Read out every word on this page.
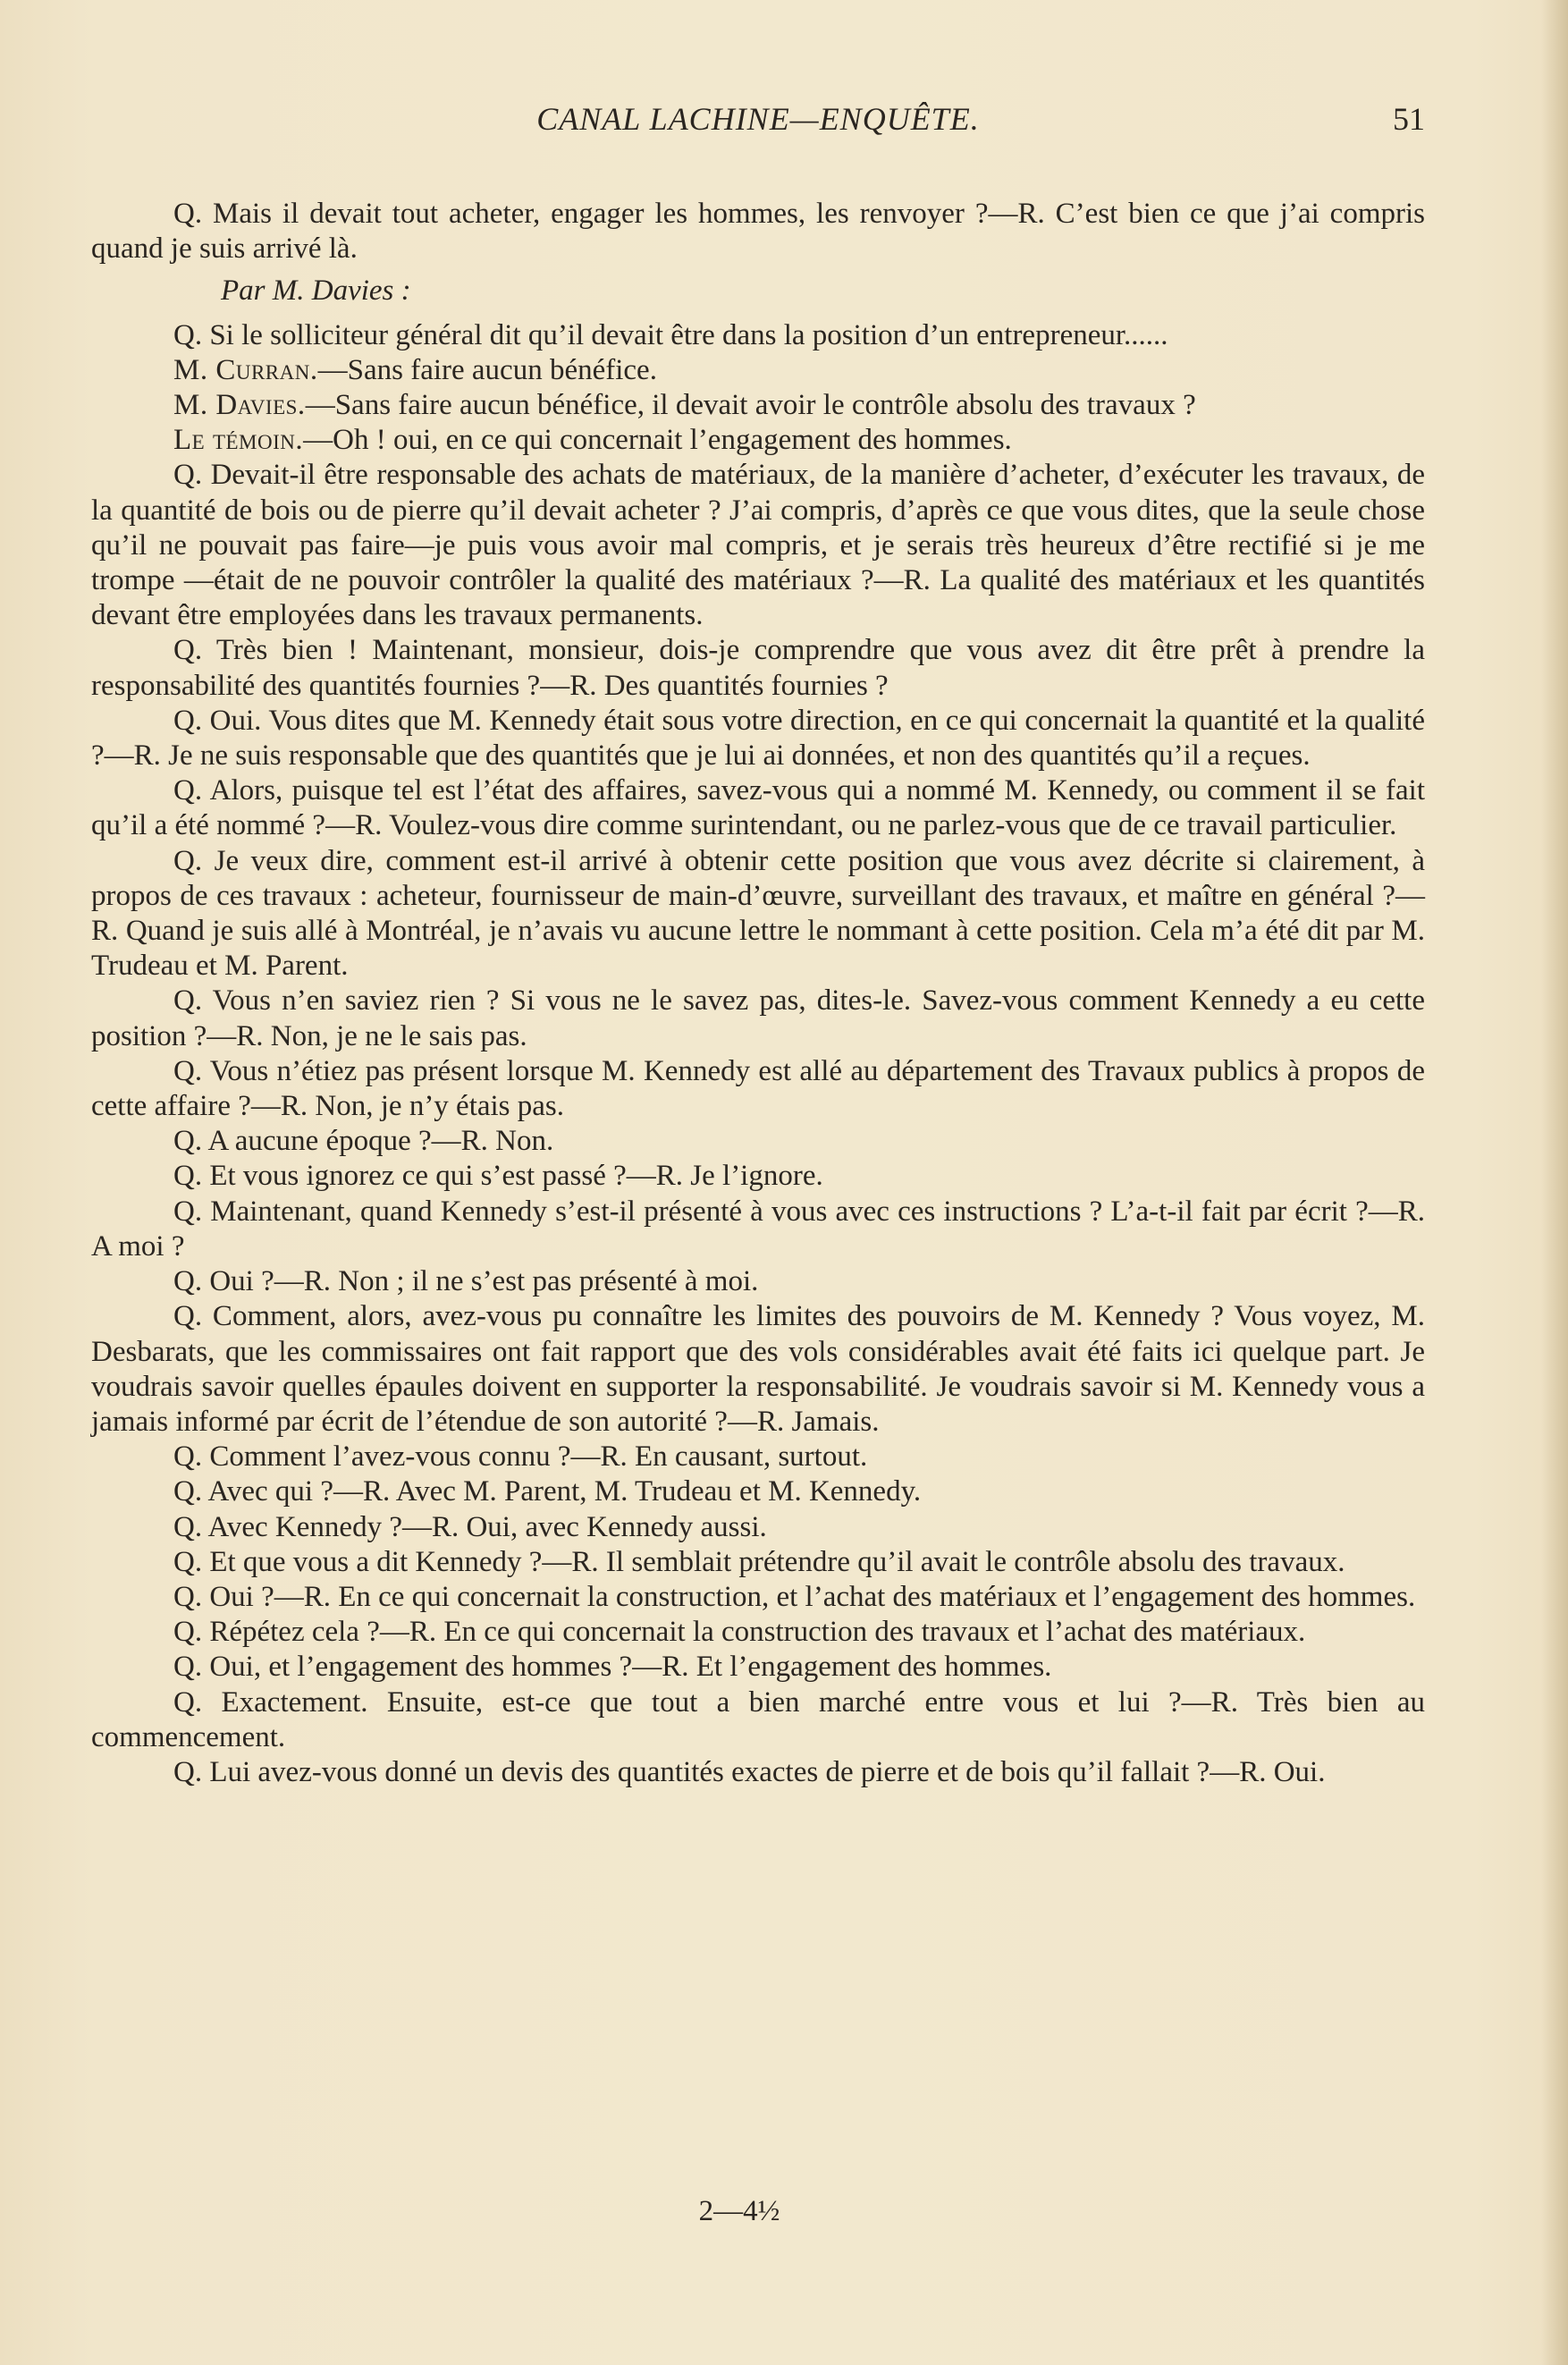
CANAL LACHINE—ENQUÊTE.	51

Q. Mais il devait tout acheter, engager les hommes, les renvoyer ?—R. C’est bien ce que j’ai compris quand je suis arrivé là.

Par M. Davies :

Q. Si le solliciteur général dit qu’il devait être dans la position d’un entrepreneur......

M. Curran.—Sans faire aucun bénéfice.

M. Davies.—Sans faire aucun bénéfice, il devait avoir le contrôle absolu des travaux ?

Le témoin.—Oh ! oui, en ce qui concernait l’engagement des hommes.

Q. Devait-il être responsable des achats de matériaux, de la manière d’acheter, d’exécuter les travaux, de la quantité de bois ou de pierre qu’il devait acheter ? J’ai compris, d’après ce que vous dites, que la seule chose qu’il ne pouvait pas faire—je puis vous avoir mal compris, et je serais très heureux d’être rectifié si je me trompe —était de ne pouvoir contrôler la qualité des matériaux ?—R. La qualité des matériaux et les quantités devant être employées dans les travaux permanents.

Q. Très bien ! Maintenant, monsieur, dois-je comprendre que vous avez dit être prêt à prendre la responsabilité des quantités fournies ?—R. Des quantités fournies ?

Q. Oui. Vous dites que M. Kennedy était sous votre direction, en ce qui concernait la quantité et la qualité ?—R. Je ne suis responsable que des quantités que je lui ai données, et non des quantités qu’il a reçues.

Q. Alors, puisque tel est l’état des affaires, savez-vous qui a nommé M. Kennedy, ou comment il se fait qu’il a été nommé ?—R. Voulez-vous dire comme surintendant, ou ne parlez-vous que de ce travail particulier.

Q. Je veux dire, comment est-il arrivé à obtenir cette position que vous avez décrite si clairement, à propos de ces travaux : acheteur, fournisseur de main-d’œuvre, surveillant des travaux, et maître en général ?—R. Quand je suis allé à Montréal, je n’avais vu aucune lettre le nommant à cette position. Cela m’a été dit par M. Trudeau et M. Parent.

Q. Vous n’en saviez rien ? Si vous ne le savez pas, dites-le. Savez-vous comment Kennedy a eu cette position ?—R. Non, je ne le sais pas.

Q. Vous n’étiez pas présent lorsque M. Kennedy est allé au département des Travaux publics à propos de cette affaire ?—R. Non, je n’y étais pas.

Q. A aucune époque ?—R. Non.

Q. Et vous ignorez ce qui s’est passé ?—R. Je l’ignore.

Q. Maintenant, quand Kennedy s’est-il présenté à vous avec ces instructions ? L’a-t-il fait par écrit ?—R. A moi ?

Q. Oui ?—R. Non ; il ne s’est pas présenté à moi.

Q. Comment, alors, avez-vous pu connaître les limites des pouvoirs de M. Kennedy ? Vous voyez, M. Desbarats, que les commissaires ont fait rapport que des vols considérables avait été faits ici quelque part. Je voudrais savoir quelles épaules doivent en supporter la responsabilité. Je voudrais savoir si M. Kennedy vous a jamais informé par écrit de l’étendue de son autorité ?—R. Jamais.

Q. Comment l’avez-vous connu ?—R. En causant, surtout.

Q. Avec qui ?—R. Avec M. Parent, M. Trudeau et M. Kennedy.

Q. Avec Kennedy ?—R. Oui, avec Kennedy aussi.

Q. Et que vous a dit Kennedy ?—R. Il semblait prétendre qu’il avait le contrôle absolu des travaux.

Q. Oui ?—R. En ce qui concernait la construction, et l’achat des matériaux et l’engagement des hommes.

Q. Répétez cela ?—R. En ce qui concernait la construction des travaux et l’achat des matériaux.

Q. Oui, et l’engagement des hommes ?—R. Et l’engagement des hommes.

Q. Exactement. Ensuite, est-ce que tout a bien marché entre vous et lui ?—R. Très bien au commencement.

Q. Lui avez-vous donné un devis des quantités exactes de pierre et de bois qu’il fallait ?—R. Oui.

2—4½
